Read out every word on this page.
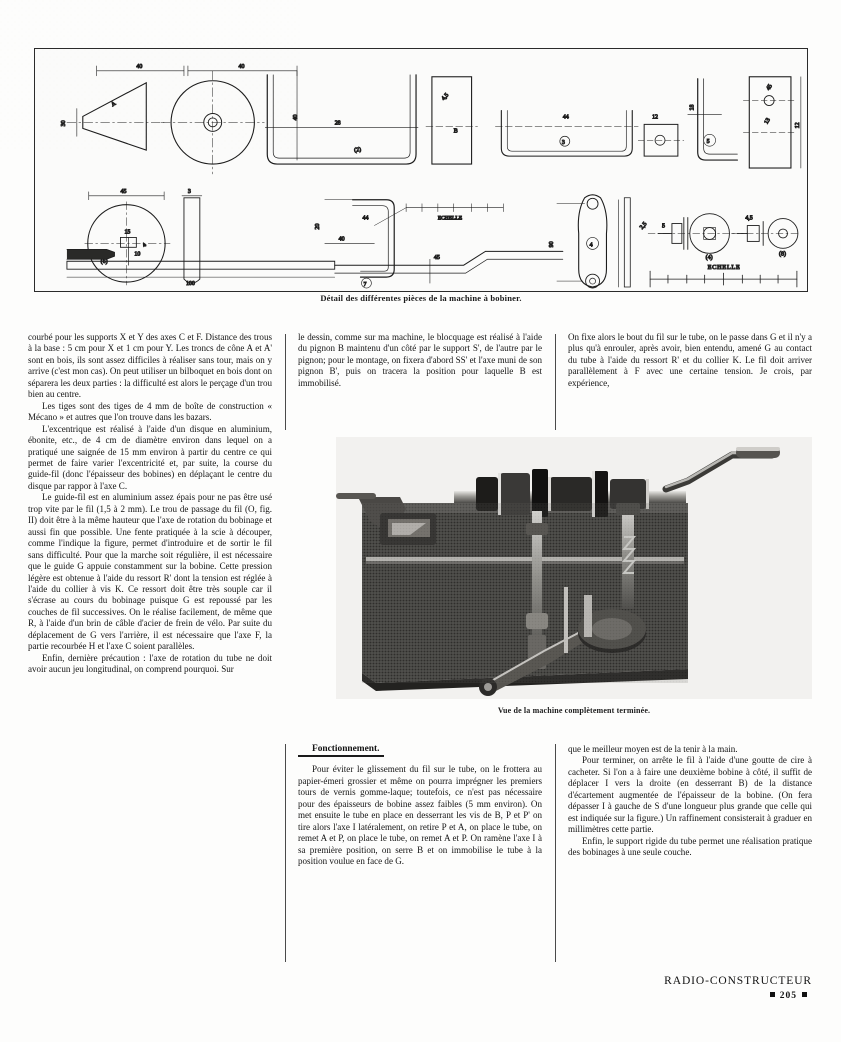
40	40
30
A
28
40
(2)
4,5
B
44
3
12
18
5
45
13	12
45
15
4
(6)
3
20
40
44
7
100
10
45
ECHELLE
4
90
2,5 5
(4)
4,5
(8)
ECHELLE
Détail des différentes pièces de la machine à bobiner.

courbé pour les supports X et Y des axes C et F. Distance des trous à la base : 5 cm pour X et 1 cm pour Y. Les troncs de cône A et A' sont en bois, ils sont assez difficiles à réaliser sans tour, mais on y arrive (c'est mon cas). On peut utiliser un bilboquet en bois dont on séparera les deux parties : la difficulté est alors le perçage d'un trou bien au centre.

Les tiges sont des tiges de 4 mm de boîte de construction « Mécano » et autres que l'on trouve dans les bazars.

L'excentrique est réalisé à l'aide d'un disque en aluminium, ébonite, etc., de 4 cm de diamètre environ dans lequel on a pratiqué une saignée de 15 mm environ à partir du centre ce qui permet de faire varier l'excentricité et, par suite, la course du guide-fil (donc l'épaisseur des bobines) en déplaçant le centre du disque par rappor à l'axe C.

Le guide-fil est en aluminium assez épais pour ne pas être usé trop vite par le fil (1,5 à 2 mm). Le trou de passage du fil (O, fig. II) doit être à la même hauteur que l'axe de rotation du bobinage et aussi fin que possible. Une fente pratiquée à la scie à découper, comme l'indique la figure, permet d'introduire et de sortir le fil sans difficulté. Pour que la marche soit régulière, il est nécessaire que le guide G appuie constamment sur la bobine. Cette pression légère est obtenue à l'aide du ressort R' dont la tension est réglée à l'aide du collier à vis K. Ce ressort doit être très souple car il s'écrase au cours du bobinage puisque G est repoussé par les couches de fil successives. On le réalise facilement, de même que R, à l'aide d'un brin de câble d'acier de frein de vélo. Par suite du déplacement de G vers l'arrière, il est nécessaire que l'axe F, la partie recourbée H et l'axe C soient parallèles.

Enfin, dernière précaution : l'axe de rotation du tube ne doit avoir aucun jeu longitudinal, on comprend pourquoi. Sur

le dessin, comme sur ma machine, le blocquage est réalisé à l'aide du pignon B maintenu d'un côté par le support S', de l'autre par le pignon; pour le montage, on fixera d'abord SS' et l'axe muni de son pignon B', puis on tracera la position pour laquelle B est immobilisé.

Fonctionnement.

Pour éviter le glissement du fil sur le tube, on le frottera au papier-émeri grossier et même on pourra imprégner les premiers tours de vernis gomme-laque; toutefois, ce n'est pas nécessaire pour des épaisseurs de bobine assez faibles (5 mm environ). On met ensuite le tube en place en desserrant les vis de B, P et P' on tire alors l'axe I latéralement, on retire P et A, on place le tube, on remet A et P, on place le tube, on remet A et P. On ramène l'axe I à sa première position, on serre B et on immobilise le tube à la position voulue en face de G.

On fixe alors le bout du fil sur le tube, on le passe dans G et il n'y a plus qu'à enrouler, après avoir, bien entendu, amené G au contact du tube à l'aide du ressort R' et du collier K. Le fil doit arriver parallèlement à F avec une certaine tension. Je crois, par expérience,

que le meilleur moyen est de la tenir à la main.

Pour terminer, on arrête le fil à l'aide d'une goutte de cire à cacheter. Si l'on a à faire une deuxième bobine à côté, il suffit de déplacer I vers la droite (en desserrant B) de la distance d'écartement augmentée de l'épaisseur de la bobine. (On fera dépasser I à gauche de S d'une longueur plus grande que celle qui est indiquée sur la figure.) Un raffinement consisterait à graduer en millimètres cette partie.

Enfin, le support rigide du tube permet une réalisation pratique des bobinages à une seule couche.

Vue de la machine complètement terminée.
RADIO-CONSTRUCTEUR
205
